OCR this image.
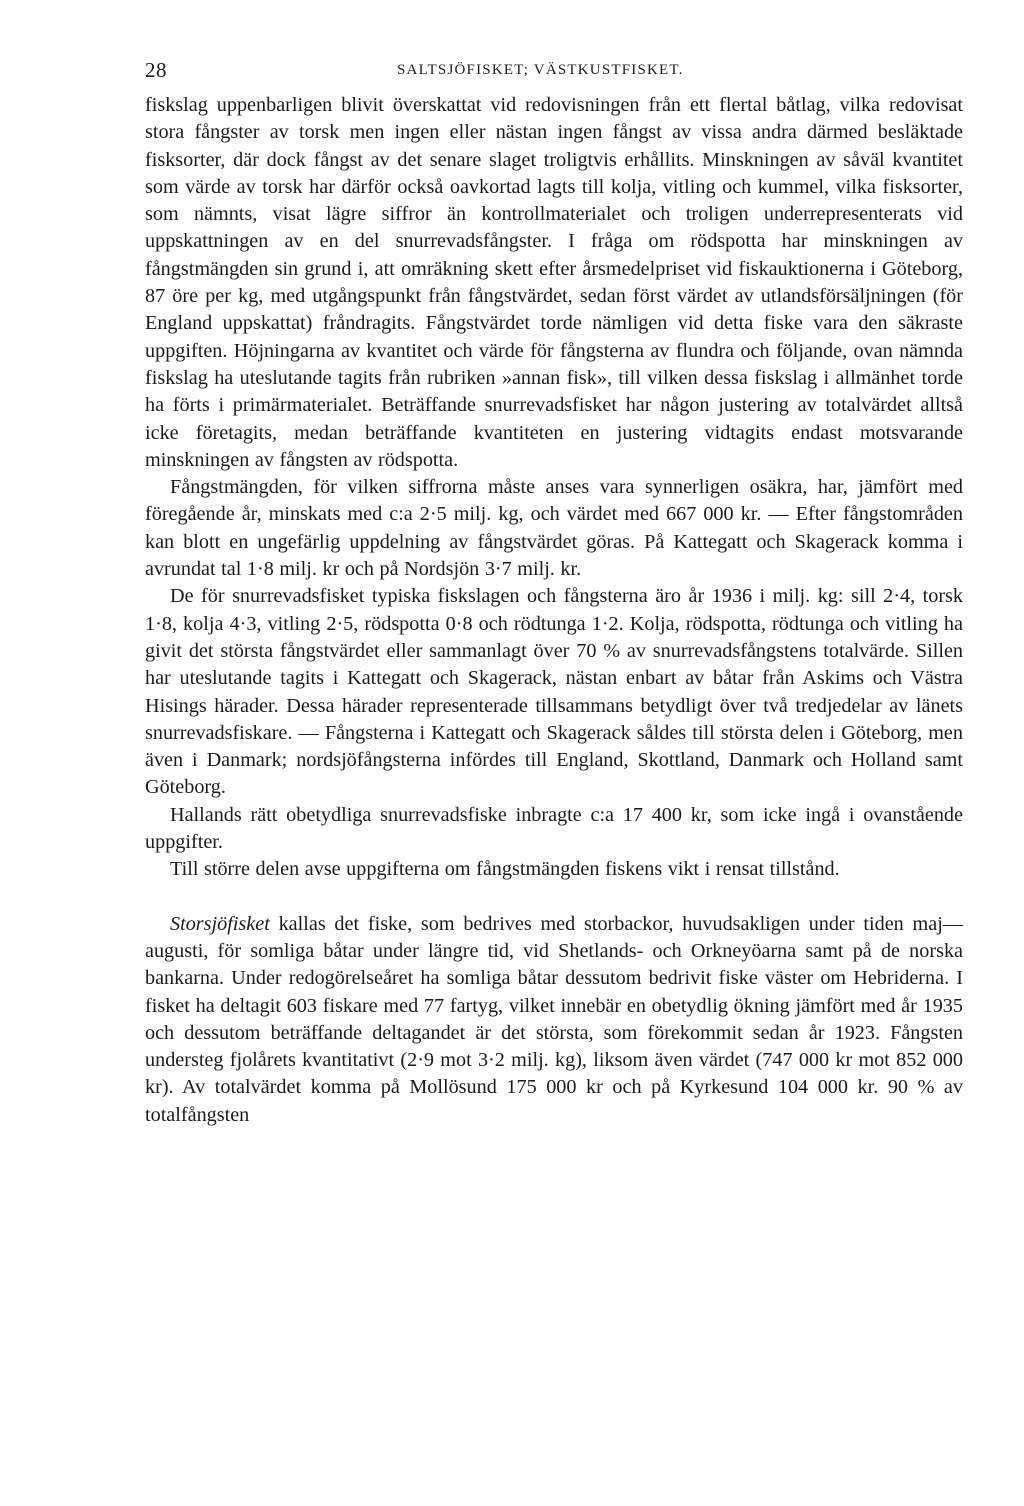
28	SALTSJÖFISKET; VÄSTKUSTFISKET.

fiskslag uppenbarligen blivit överskattat vid redovisningen från ett flertal båtlag, vilka redovisat stora fångster av torsk men ingen eller nästan ingen fångst av vissa andra därmed besläktade fisksorter, där dock fångst av det senare slaget troligtvis erhållits. Minskningen av såväl kvantitet som värde av torsk har därför också oavkortad lagts till kolja, vitling och kummel, vilka fisksorter, som nämnts, visat lägre siffror än kontrollmaterialet och troligen underrepresenterats vid uppskattningen av en del snurrevadsfångster. I fråga om rödspotta har minskningen av fångstmängden sin grund i, att omräkning skett efter årsmedelpriset vid fiskauktionerna i Göteborg, 87 öre per kg, med utgångspunkt från fångstvärdet, sedan först värdet av utlandsförsäljningen (för England uppskattat) fråndragits. Fångstvärdet torde nämligen vid detta fiske vara den säkraste uppgiften. Höjningarna av kvantitet och värde för fångsterna av flundra och följande, ovan nämnda fiskslag ha uteslutande tagits från rubriken »annan fisk», till vilken dessa fiskslag i allmänhet torde ha förts i primärmaterialet. Beträffande snurrevadsfisket har någon justering av totalvärdet alltså icke företagits, medan beträffande kvantiteten en justering vidtagits endast motsvarande minskningen av fångsten av rödspotta.

Fångstmängden, för vilken siffrorna måste anses vara synnerligen osäkra, har, jämfört med föregående år, minskats med c:a 2·5 milj. kg, och värdet med 667 000 kr. — Efter fångstområden kan blott en ungefärlig uppdelning av fångstvärdet göras. På Kattegatt och Skagerack komma i avrundat tal 1·8 milj. kr och på Nordsjön 3·7 milj. kr.

De för snurrevadsfisket typiska fiskslagen och fångsterna äro år 1936 i milj. kg: sill 2·4, torsk 1·8, kolja 4·3, vitling 2·5, rödspotta 0·8 och rödtunga 1·2. Kolja, rödspotta, rödtunga och vitling ha givit det största fångstvärdet eller sammanlagt över 70 % av snurrevadsfångstens totalvärde. Sillen har uteslutande tagits i Kattegatt och Skagerack, nästan enbart av båtar från Askims och Västra Hisings härader. Dessa härader representerade tillsammans betydligt över två tredjedelar av länets snurrevadsfiskare. — Fångsterna i Kattegatt och Skagerack såldes till största delen i Göteborg, men även i Danmark; nordsjöfångsterna infördes till England, Skottland, Danmark och Holland samt Göteborg.

Hallands rätt obetydliga snurrevadsfiske inbragte c:a 17 400 kr, som icke ingå i ovanstående uppgifter.

Till större delen avse uppgifterna om fångstmängden fiskens vikt i rensat tillstånd.

Storsjöfisket kallas det fiske, som bedrives med storbackor, huvudsakligen under tiden maj—augusti, för somliga båtar under längre tid, vid Shetlands- och Orkneyöarna samt på de norska bankarna. Under redogörelseåret ha somliga båtar dessutom bedrivit fiske väster om Hebriderna. I fisket ha deltagit 603 fiskare med 77 fartyg, vilket innebär en obetydlig ökning jämfört med år 1935 och dessutom beträffande deltagandet är det största, som förekommit sedan år 1923. Fångsten understeg fjolårets kvantitativt (2·9 mot 3·2 milj. kg), liksom även värdet (747 000 kr mot 852 000 kr). Av totalvärdet komma på Mollösund 175 000 kr och på Kyrkesund 104 000 kr. 90 % av totalfångsten
